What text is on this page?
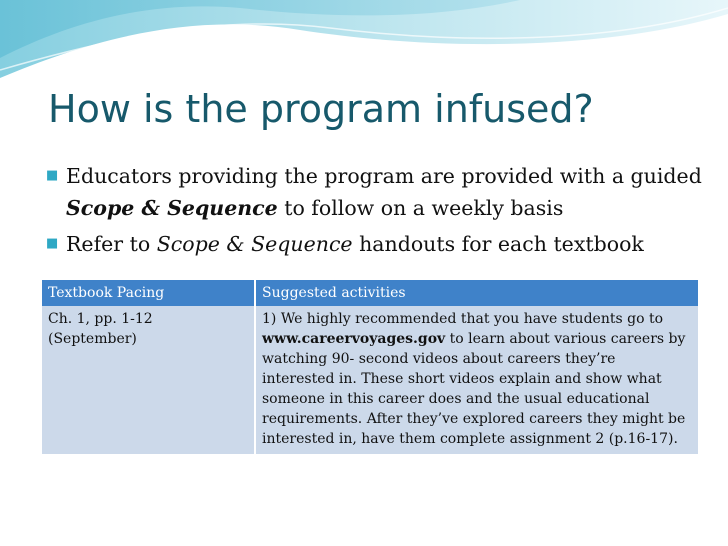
How is the program infused?
■ Educators providing the program are provided with a guided Scope & Sequence to follow on a weekly basis
■ Refer to Scope & Sequence handouts for each textbook
Textbook Pacing	Suggested activities

Ch. 1, pp. 1-12
(September)	1) We highly recommended that you have students go to www.careervoyages.gov to learn about various careers by watching 90- second videos about careers they’re interested in. These short videos explain and show what someone in this career does and the usual educational requirements. After they’ve explored careers they might be interested in, have them complete assignment 2 (p.16-17).
